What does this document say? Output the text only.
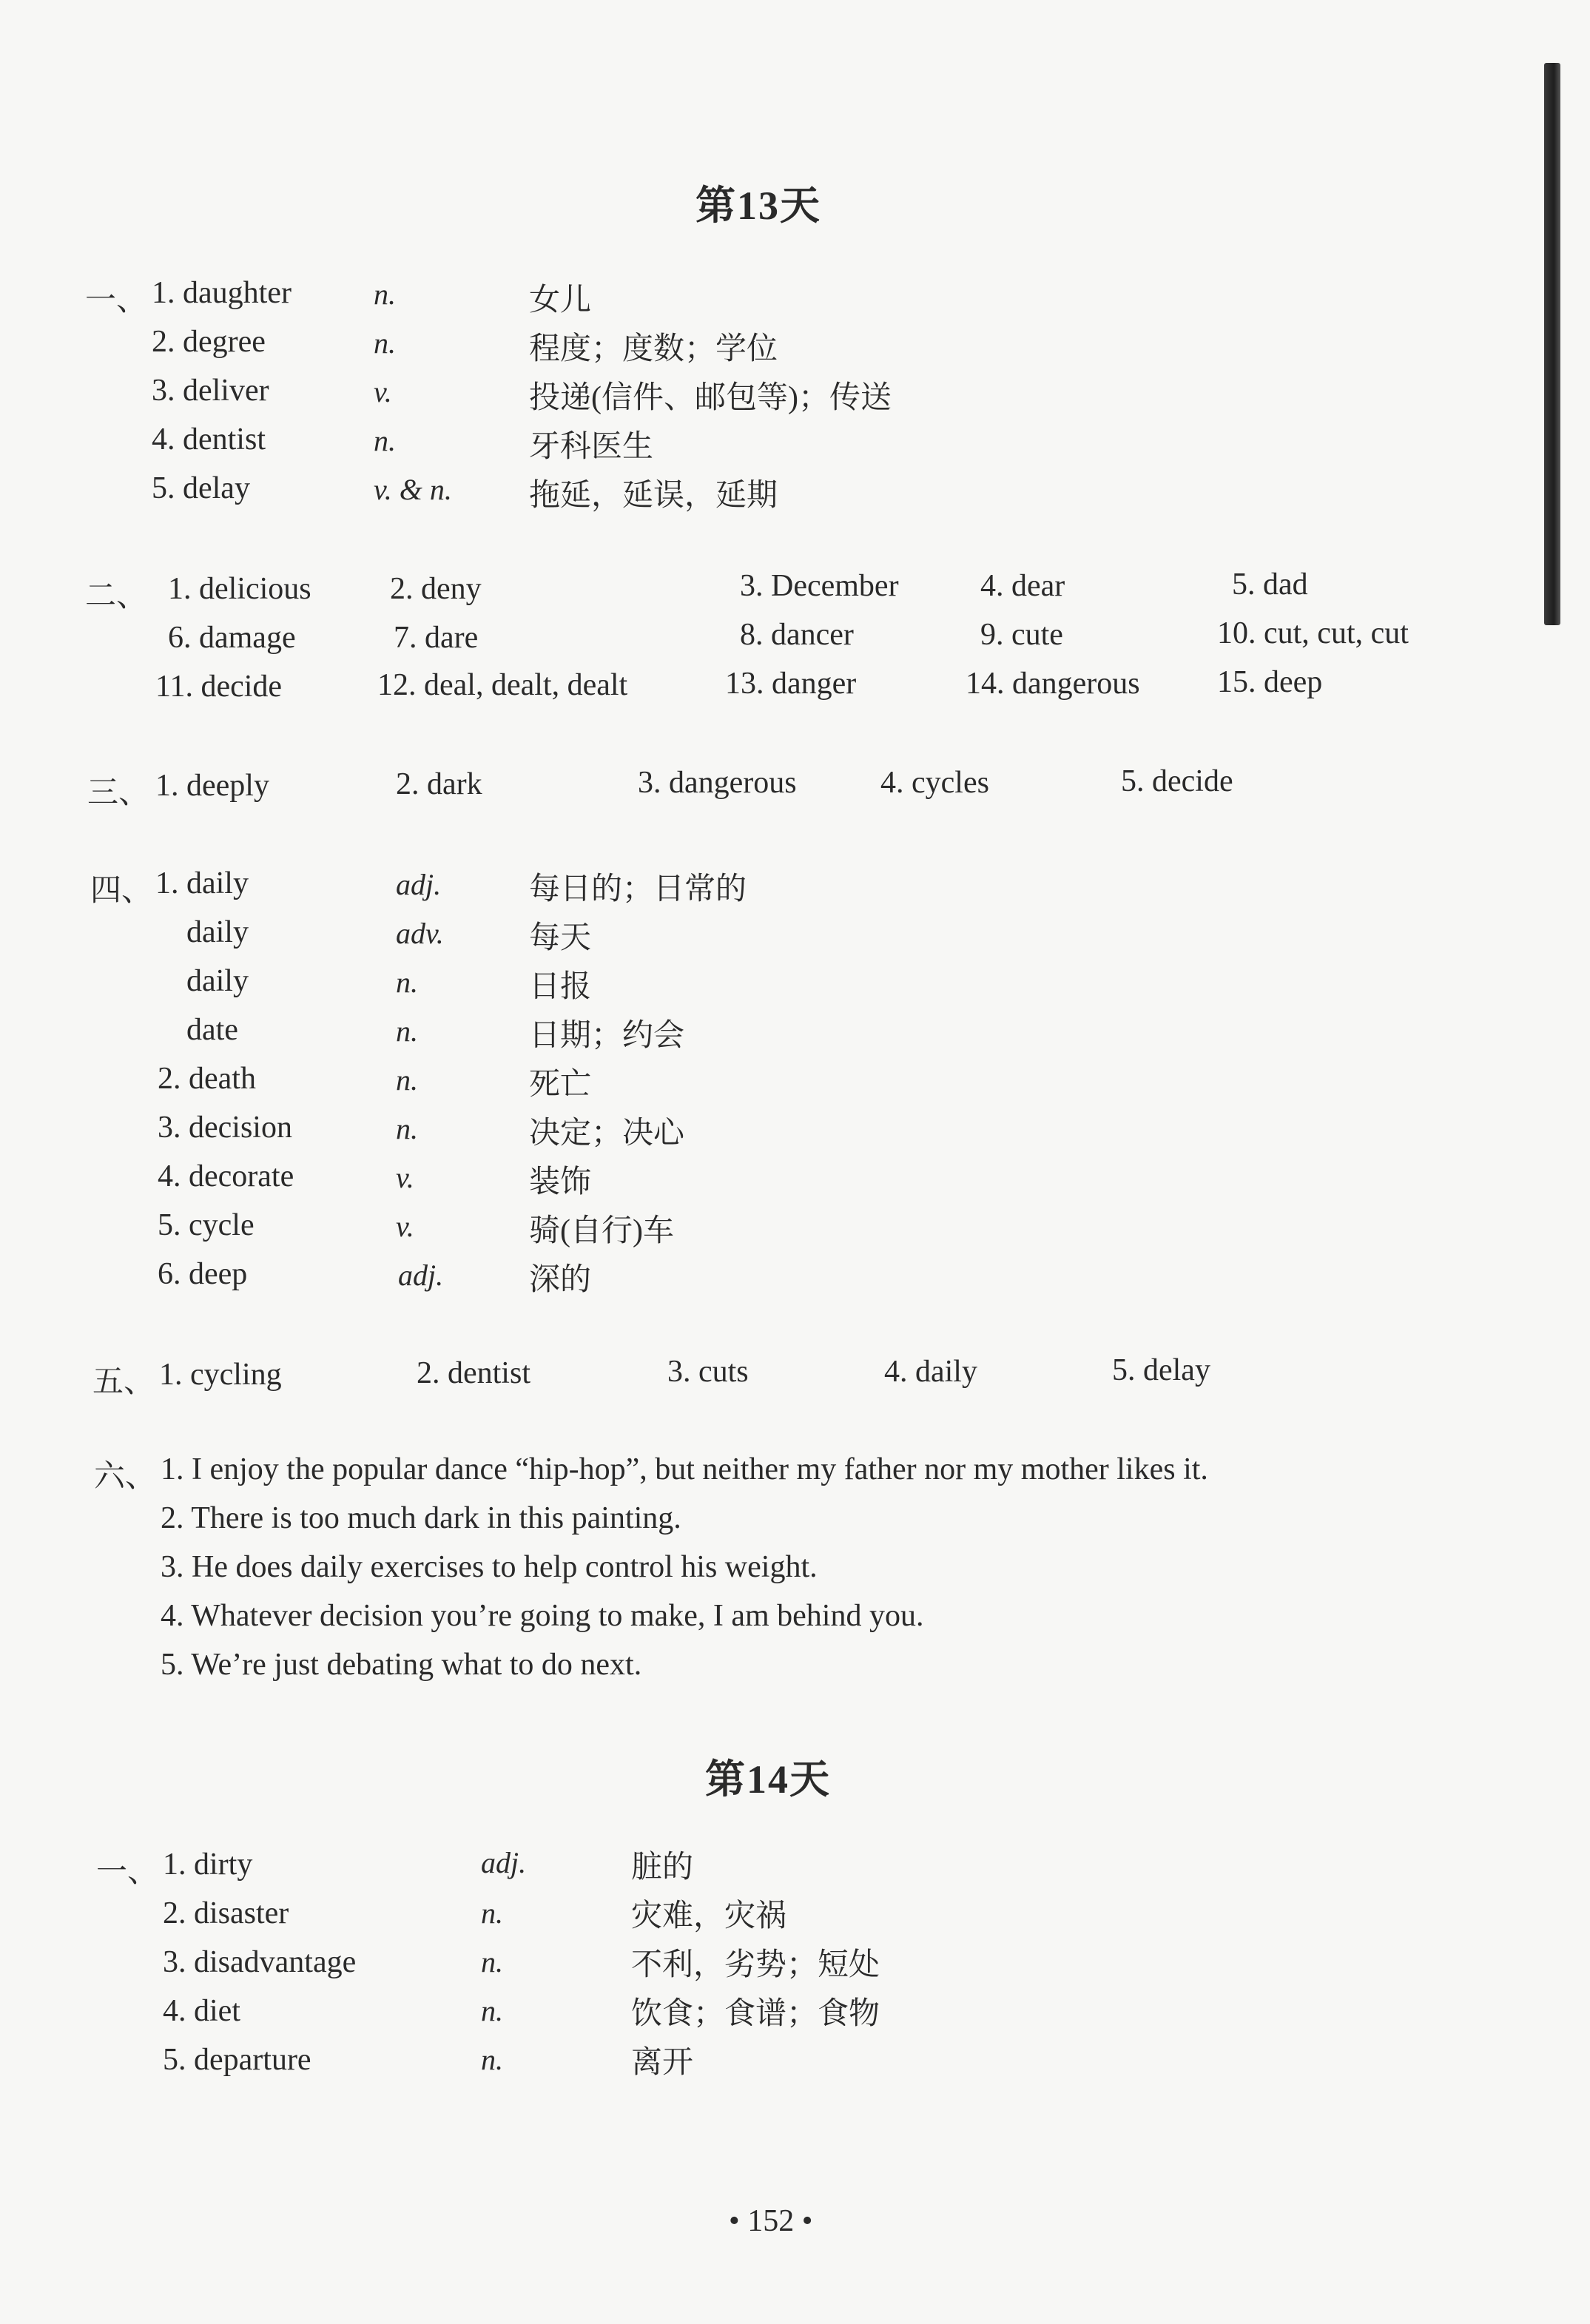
第13天
一、 1. daughter	n.	女儿
2. degree	n.	程度；度数；学位
3. deliver	v.	投递(信件、邮包等)；传送
4. dentist	n.	牙科医生
5. delay	v. & n. 拖延，延误，延期
二、 1. delicious	2. deny	3. December	4. dear	5. dad
6. damage	7. dare	8. dancer	9. cute	10. cut, cut, cut
11. decide	12. deal, dealt, dealt	13. danger	14. dangerous 15. deep
三、 1. deeply	2. dark	3. dangerous	4. cycles	5. decide
四、 1. daily	adj.	每日的；日常的
daily	adv.	每天
daily	n.	日报
date	n.	日期；约会
2. death	n.	死亡
3. decision	n.	决定；决心
4. decorate	v.	装饰
5. cycle	v.	骑(自行)车
6. deep	adj.	深的
五、 1. cycling	2. dentist	3. cuts	4. daily	5. delay
六、 1. I enjoy the popular dance “hip-hop”, but neither my father nor my mother likes it.
2. There is too much dark in this painting.
3. He does daily exercises to help control his weight.
4. Whatever decision you’re going to make, I am behind you.
5. We’re just debating what to do next.
第14天
一、 1. dirty	adj.	脏的
2. disaster	n.	灾难，灾祸
3. disadvantage	n.	不利，劣势；短处
4. diet	n.	饮食；食谱；食物
5. departure	n.	离开
• 152 •
